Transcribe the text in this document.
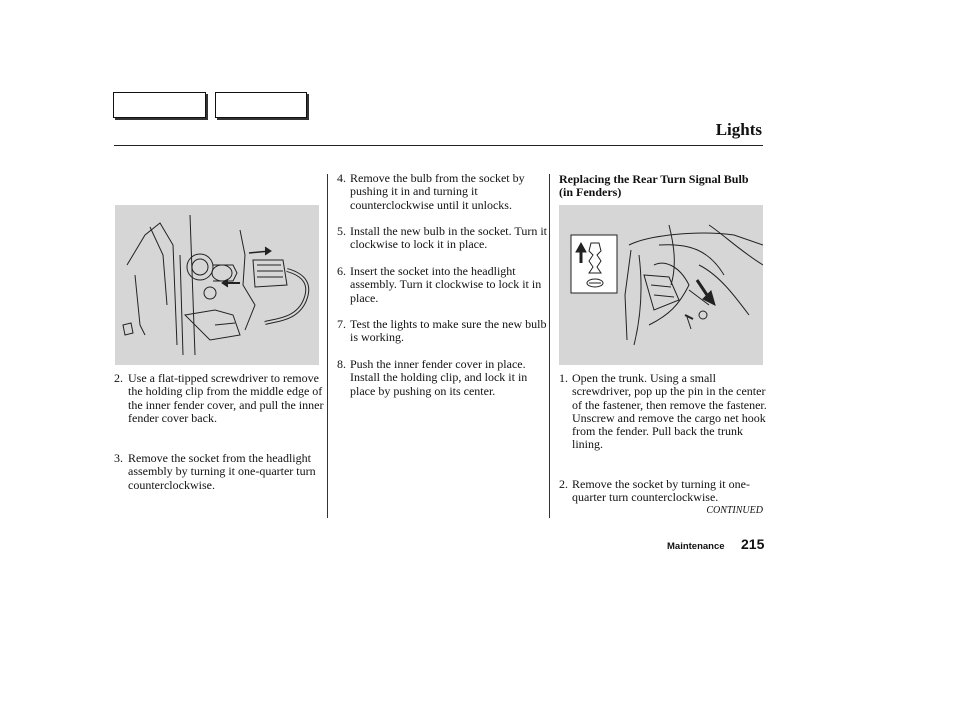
Lights

2. Use a flat-tipped screwdriver to remove the holding clip from the middle edge of the inner fender cover, and pull the inner fender cover back.

3. Remove the socket from the headlight assembly by turning it one-quarter turn counterclockwise.

4. Remove the bulb from the socket by pushing it in and turning it counterclockwise until it unlocks.

5. Install the new bulb in the socket. Turn it clockwise to lock it in place.

6. Insert the socket into the headlight assembly. Turn it clockwise to lock it in place.

7. Test the lights to make sure the new bulb is working.

8. Push the inner fender cover in place. Install the holding clip, and lock it in place by pushing on its center.

Replacing the Rear Turn Signal Bulb (in Fenders)

1. Open the trunk. Using a small screwdriver, pop up the pin in the center of the fastener, then remove the fastener. Unscrew and remove the cargo net hook from the fender. Pull back the trunk lining.

2. Remove the socket by turning it one-quarter turn counterclockwise.

CONTINUED
Maintenance 215
